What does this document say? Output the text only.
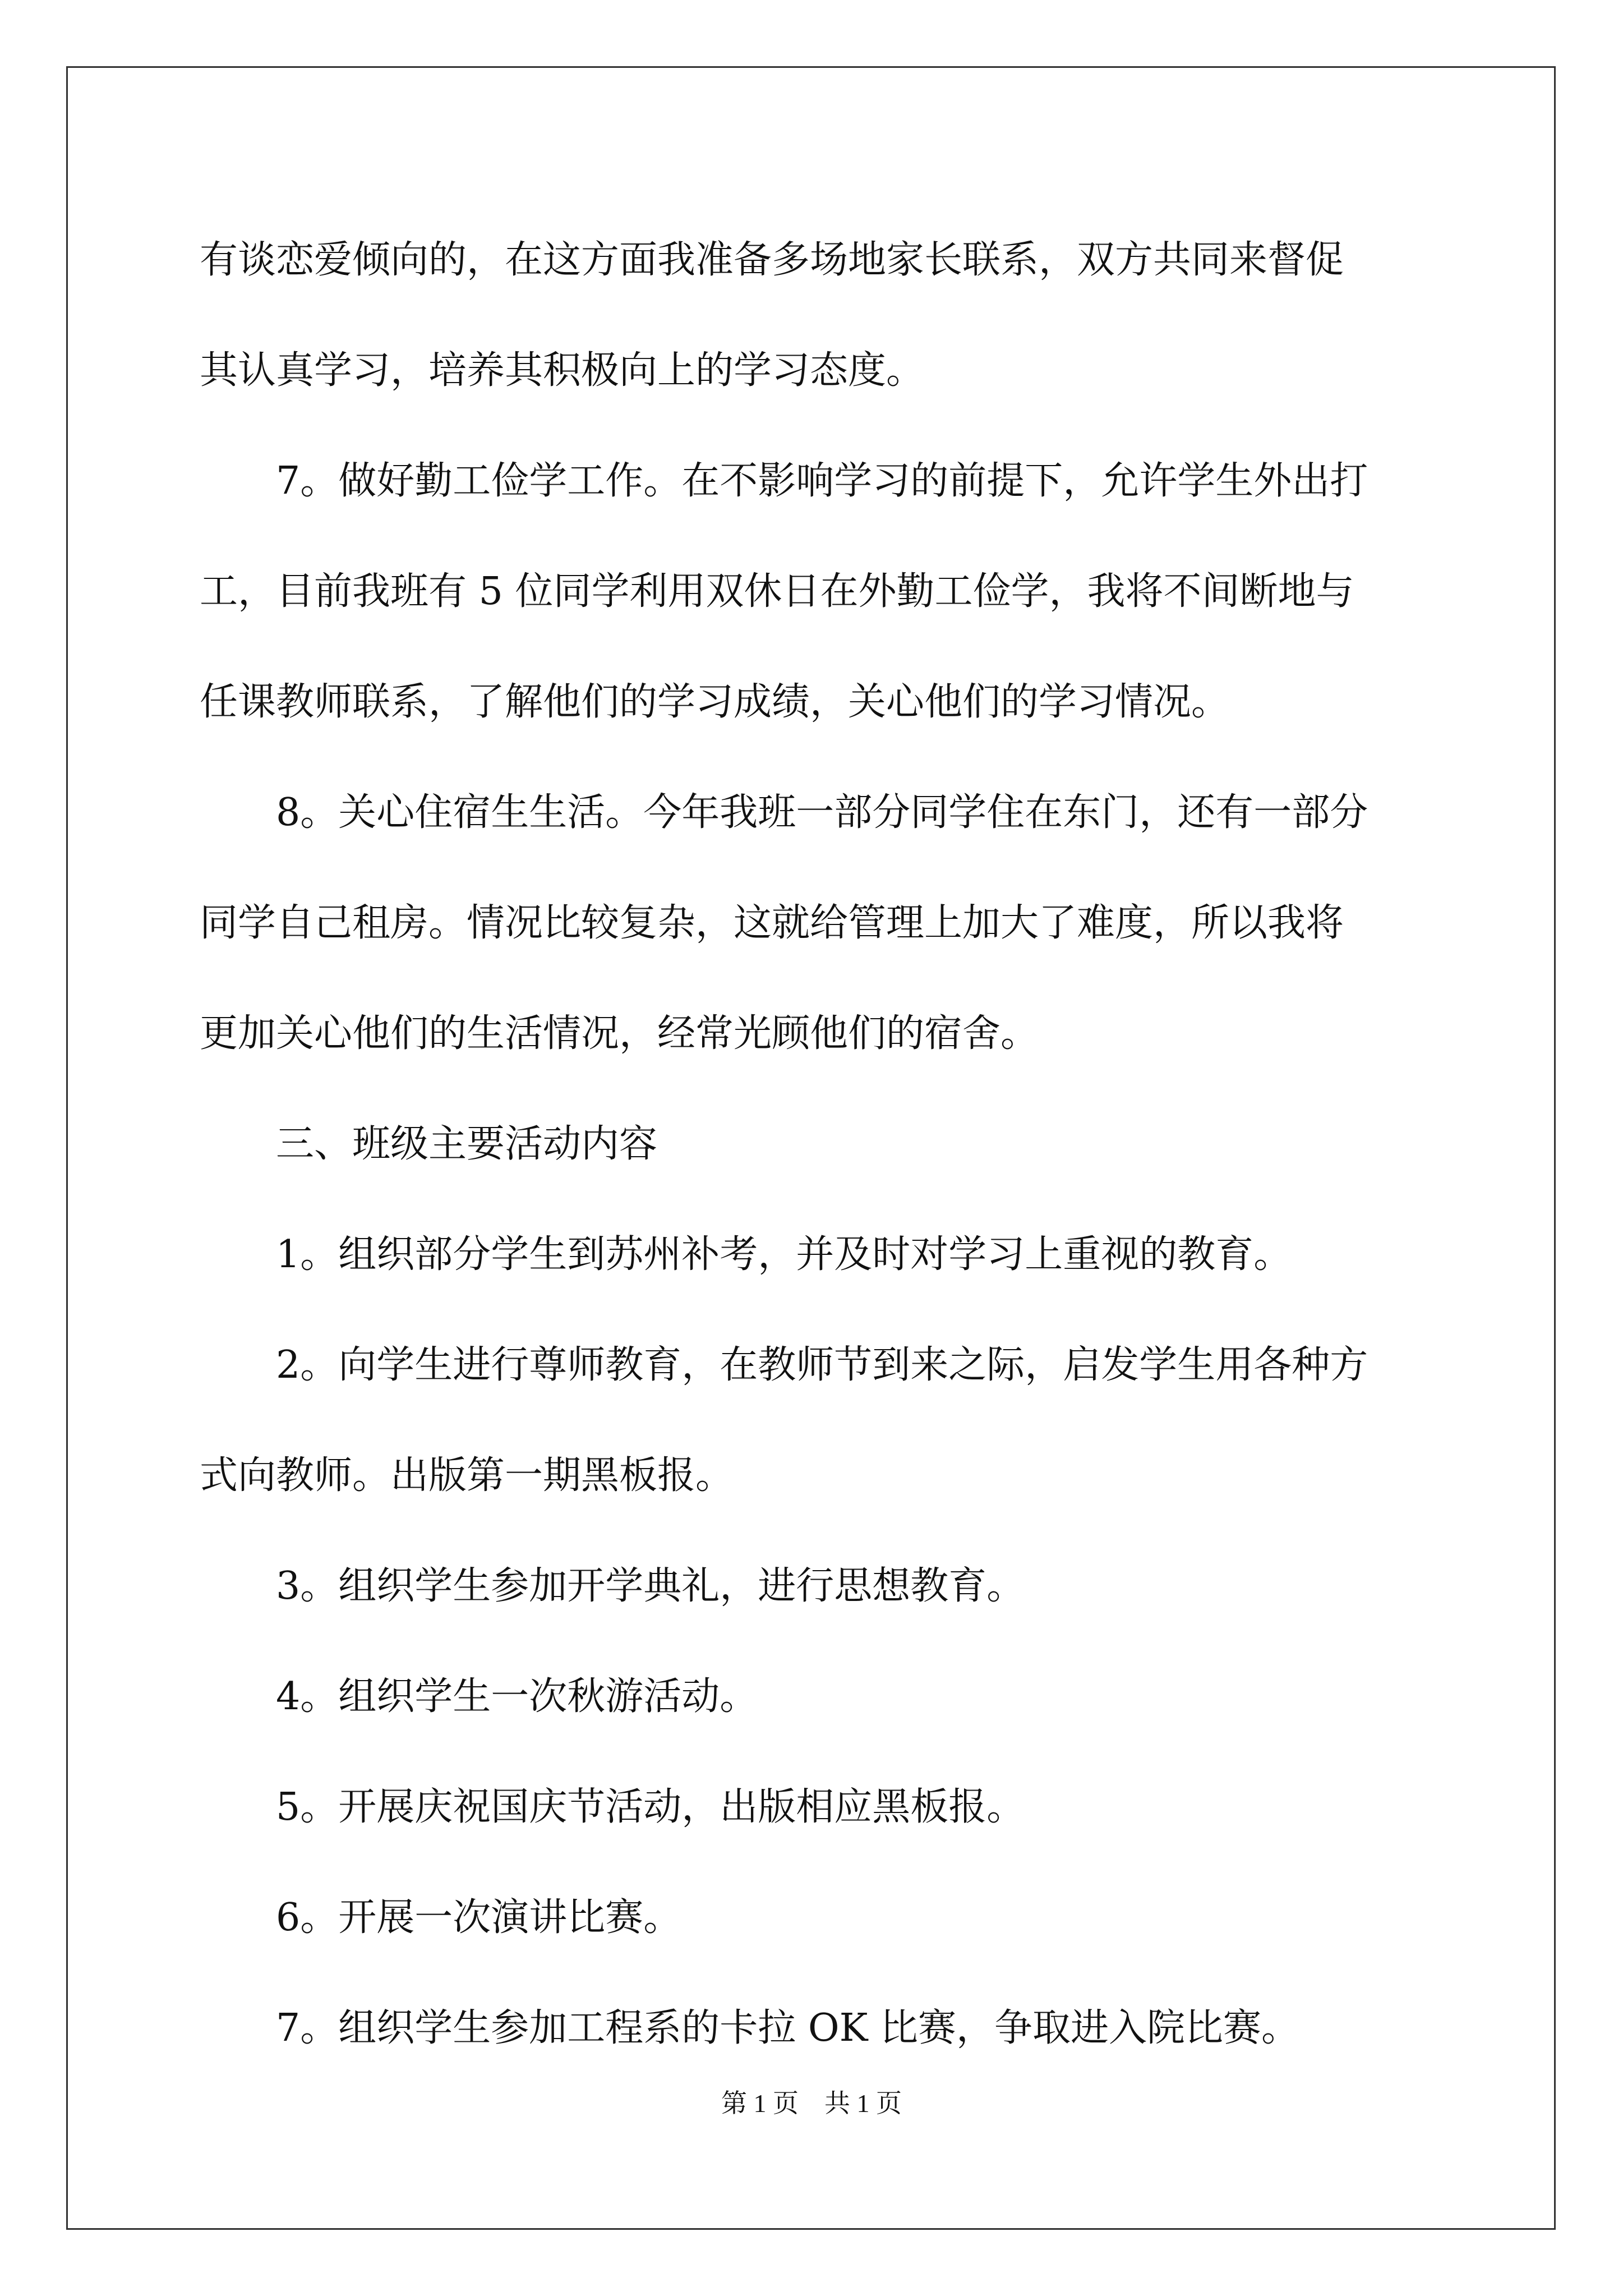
有谈恋爱倾向的，在这方面我准备多场地家长联系，双方共同来督促

其认真学习，培养其积极向上的学习态度。

7。做好勤工俭学工作。在不影响学习的前提下，允许学生外出打

工，目前我班有 5 位同学利用双休日在外勤工俭学，我将不间断地与

任课教师联系，了解他们的学习成绩，关心他们的学习情况。

8。关心住宿生生活。今年我班一部分同学住在东门，还有一部分

同学自己租房。情况比较复杂，这就给管理上加大了难度，所以我将

更加关心他们的生活情况，经常光顾他们的宿舍。

三、班级主要活动内容

1。组织部分学生到苏州补考，并及时对学习上重视的教育。

2。向学生进行尊师教育，在教师节到来之际，启发学生用各种方

式向教师。出版第一期黑板报。

3。组织学生参加开学典礼，进行思想教育。

4。组织学生一次秋游活动。

5。开展庆祝国庆节活动，出版相应黑板报。

6。开展一次演讲比赛。

7。组织学生参加工程系的卡拉 OK 比赛，争取进入院比赛。

第 1 页 共 1 页
